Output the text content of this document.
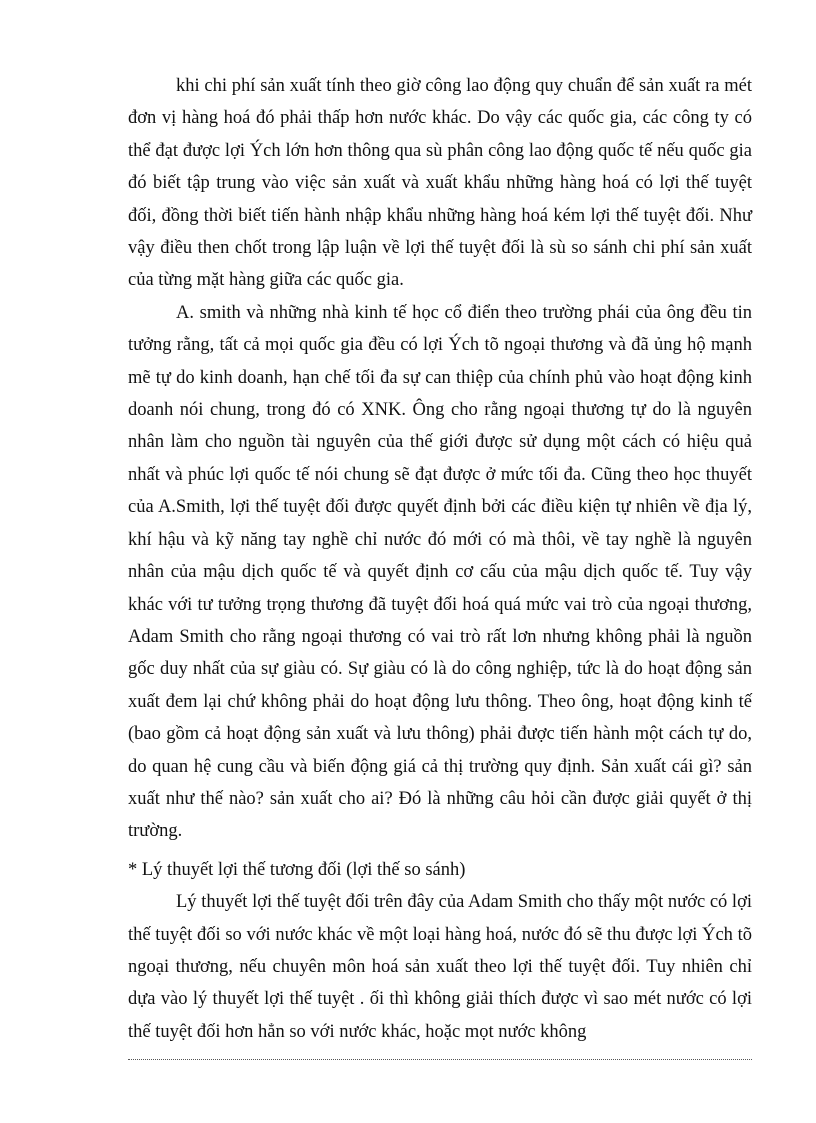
khi chi phí sản xuất tính theo giờ công lao động quy chuẩn để sản xuất ra mét đơn vị hàng hoá đó phải thấp hơn nước khác. Do vậy các quốc gia, các công ty có thể đạt được lợi Ých lớn hơn thông qua sù phân công lao động quốc tế nếu quốc gia đó biết tập trung vào việc sản xuất và xuất khẩu những hàng hoá có lợi thế tuyệt đối, đồng thời biết tiến hành nhập khẩu những hàng hoá kém lợi thế tuyệt đối. Như vậy điều then chốt trong lập luận về lợi thế tuyệt đối là sù so sánh chi phí sản xuất của từng mặt hàng giữa các quốc gia.

A. smith và những nhà kinh tế học cổ điển theo trường phái của ông đều tin tưởng rằng, tất cả mọi quốc gia đều có lợi Ých tõ ngoại thương và đã ủng hộ mạnh mẽ tự do kinh doanh, hạn chế tối đa sự can thiệp của chính phủ vào hoạt động kinh doanh nói chung, trong đó có XNK. Ông cho rằng ngoại thương tự do là nguyên nhân làm cho nguồn tài nguyên của thế giới được sử dụng một cách có hiệu quả nhất và phúc lợi quốc tế nói chung sẽ đạt được ở mức tối đa. Cũng theo học thuyết của A.Smith, lợi thế tuyệt đối được quyết định bởi các điều kiện tự nhiên về địa lý, khí hậu và kỹ năng tay nghề chỉ nước đó mới có mà thôi, về tay nghề là nguyên nhân của mậu dịch quốc tế và quyết định cơ cấu của mậu dịch quốc tế. Tuy vậy khác với tư tưởng trọng thương đã tuyệt đối hoá quá mức vai trò của ngoại thương, Adam Smith cho rằng ngoại thương có vai trò rất lơn nhưng không phải là nguồn gốc duy nhất của sự giàu có. Sự giàu có là do công nghiệp, tức là do hoạt động sản xuất đem lại chứ không phải do hoạt động lưu thông. Theo ông, hoạt động kinh tế (bao gồm cả hoạt động sản xuất và lưu thông) phải được tiến hành một cách tự do, do quan hệ cung cầu và biến động giá cả thị trường quy định. Sản xuất cái gì? sản xuất như thế nào? sản xuất cho ai? Đó là những câu hỏi cần được giải quyết ở thị trường.

* Lý thuyết lợi thế tương đối (lợi thế so sánh)

Lý thuyết lợi thế tuyệt đối trên đây của Adam Smith cho thấy một nước có lợi thế tuyệt đối so với nước khác về một loại hàng hoá, nước đó sẽ thu được lợi Ých tõ ngoại thương, nếu chuyên môn hoá sản xuất theo lợi thế tuyệt đối. Tuy nhiên chỉ dựa vào lý thuyết lợi thế tuyệt . ối thì không giải thích được vì sao mét nước có lợi thế tuyệt đối hơn hẳn so với nước khác, hoặc mọt nước không
